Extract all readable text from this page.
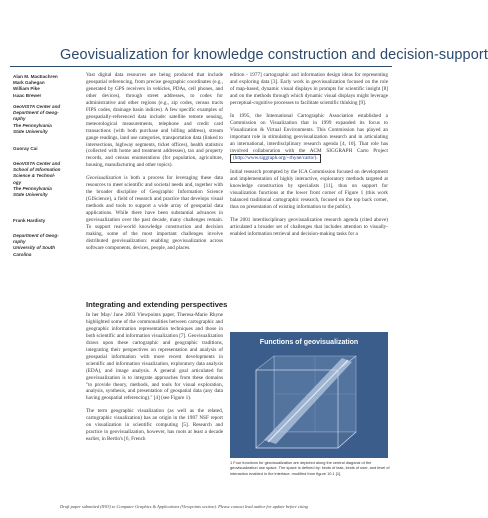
Geovisualization for knowledge construction and decision-support
Alan M. MacEachren
Mark Gahegan
William Pike
Isaac Brewer
GeoVISTA Center and
Department of Geog-
raphy
The Pennsylvania
State University
Guoray Cai
GeoVISTA Center and
School of Information
Science & Technol-
ogy
The Pennsylvania
State University
Frank Hardisty
Department of Geog-
raphy
University of South
Carolina

Vast digital data resources are being produced that include geospatial referencing, from precise geographic coordinates (e.g., generated by GPS receivers in vehicles, PDAs, cell phones, and other devices), through street addresses, to codes for administrative and other regions (e.g., zip codes, census tracts FIPS codes, drainage basin indices). A few specific examples of geospatially-referenced data include: satellite remote sensing, meteorological measurements, telephone and credit card transactions (with both purchase and billing address), stream gauge readings, land use categories, transportation data (linked to intersections, highway segments, ticket offices), health statistics (collected with home and treatment addresses), tax and property records, and census enumerations (for population, agriculture, housing, manufacturing and other topics).

Geovisualization is both a process for leveraging these data resources to meet scientific and societal needs and, together with the broader discipline of Geographic Information Science (GIScience), a field of research and practice that develops visual methods and tools to support a wide array of geospatial data applications. While there have been substantial advances in geovisualization over the past decade, many challenges remain. To support real-world knowledge construction and decision making, some of the most important challenges involve distributed geovisualization: enabling geovisualization across software components, devices, people, and places.

Integrating and extending perspectives

In her May/ June 2003 Viewpoints paper, Theresa-Marie Rhyne highlighted some of the commonalities between cartographic and geographic information representation techniques and those in both scientific and information visualization [7]. Geovisualization draws upon these cartographic and geographic traditions, integrating their perspectives on representation and analysis of geospatial information with more recent developments in scientific and information visualization, exploratory data analysis (EDA), and image analysis. A general goal articulated for geovisualization is to integrate approaches from these domains "to provide theory, methods, and tools for visual exploration, analysis, synthesis, and presentation of geospatial data (any data having geospatial referencing)." [4] (see Figure 1).

The term geographic visualization (as well as the related, cartographic visualization) has an origin in the 1987 NSF report on visualization in scientific computing [5]. Research and practice in geovisualization, however, has roots at least a decade earlier, in Bertin's [6, French

edition - 1977] cartographic and information design ideas for representing and exploring data [3]. Early work in geovisualization focused on the role of map-based, dynamic visual displays in prompts for scientific insight [8] and on the methods through which dynamic visual displays might leverage perceptual-cognitive processes to facilitate scientific thinking [9].

In 1995, the International Cartographic Association established a Commission on Visualization that in 1999 expanded its focus to Visualization & Virtual Environments. This Commission has played an important role in stimulating geovisualization research and in articulating an international, interdisciplinary research agenda [4, 10]. That role has involved collaboration with the ACM SIGGRAPH Carto Project (http://www.siggraph.org/~rhyne/carto/).

Initial research prompted by the ICA Commission focused on development and implementation of highly interactive, exploratory methods targeted at knowledge construction by specialists [11], thus on support for visualization functions at the lower front corner of Figure 1 (this work balanced traditional cartographic research, focused on the top back corner, thus on presentation of existing information to the public).

The 2001 interdisciplinary geovisualization research agenda (cited above) articulated a broader set of challenges that includes attention to visually-enabled information retrieval and decision-making tasks for a

Functions of geovisualization
1 Four functions for geovisualization are depicted along the central diagonal of the geovisualization use space. The space is defined by: kinds of task, kinds of user, and level of interaction enabled in the interface. modified from figure 10.1 [1].
Draft paper submitted (8/03) to Computer Graphics & Applications (Viewpoints section). Please contact lead author for update before citing
